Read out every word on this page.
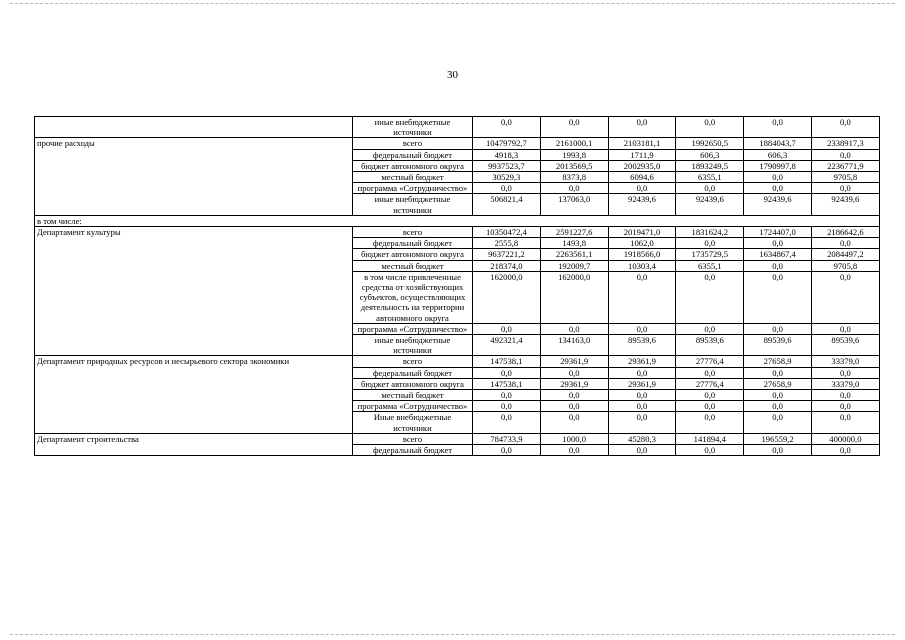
30
	иные внебюджетные источники	0,0	0,0	0,0	0,0	0,0	0,0
прочие расходы	всего	10479792,7	2161000,1	2103181,1	1992650,5	1884043,7	2338917,3
	федеральный бюджет	4918,3	1993,8	1711,9	606,3	606,3	0,0
	бюджет автономного округа	9937523,7	2013569,5	2002935,0	1893249,5	1790997,8	2236771,9
	местный бюджет	30529,3	8373,8	6094,6	6355,1	0,0	9705,8
	программа «Сотрудничество»	0,0	0,0	0,0	0,0	0,0	0,0
	иные внебюджетные источники	506821,4	137063,0	92439,6	92439,6	92439,6	92439,6
в том числе:							
Департамент культуры	всего	10350472,4	2591227,6	2019471,0	1831624,2	1724407,0	2186642,6
	федеральный бюджет	2555,8	1493,8	1062,0	0,0	0,0	0,0
	бюджет автономного округа	9637221,2	2263561,1	1918566,0	1735729,5	1634867,4	2084497,2
	местный бюджет	218374,0	192009,7	10303,4	6355,1	0,0	9705,8
	в том числе привлеченные средства от хозяйствующих субъектов, осуществляющих деятельность на территории автономного округа	162000,0	162000,0	0,0	0,0	0,0	0,0
	программа «Сотрудничество»	0,0	0,0	0,0	0,0	0,0	0,0
	иные внебюджетные источники	492321,4	134163,0	89539,6	89539,6	89539,6	89539,6
Департамент природных ресурсов и несырьевого сектора экономики	всего	147538,1	29361,9	29361,9	27776,4	27658,9	33379,0
	федеральный бюджет	0,0	0,0	0,0	0,0	0,0	0,0
	бюджет автономного округа	147538,1	29361,9	29361,9	27776,4	27658,9	33379,0
	местный бюджет	0,0	0,0	0,0	0,0	0,0	0,0
	программа «Сотрудничество»	0,0	0,0	0,0	0,0	0,0	0,0
	Иные внебюджетные источники	0,0	0,0	0,0	0,0	0,0	0,0
Департамент строительства	всего	784733,9	1000,0	45280,3	141894,4	196559,2	400000,0
	федеральный бюджет	0,0	0,0	0,0	0,0	0,0	0,0
